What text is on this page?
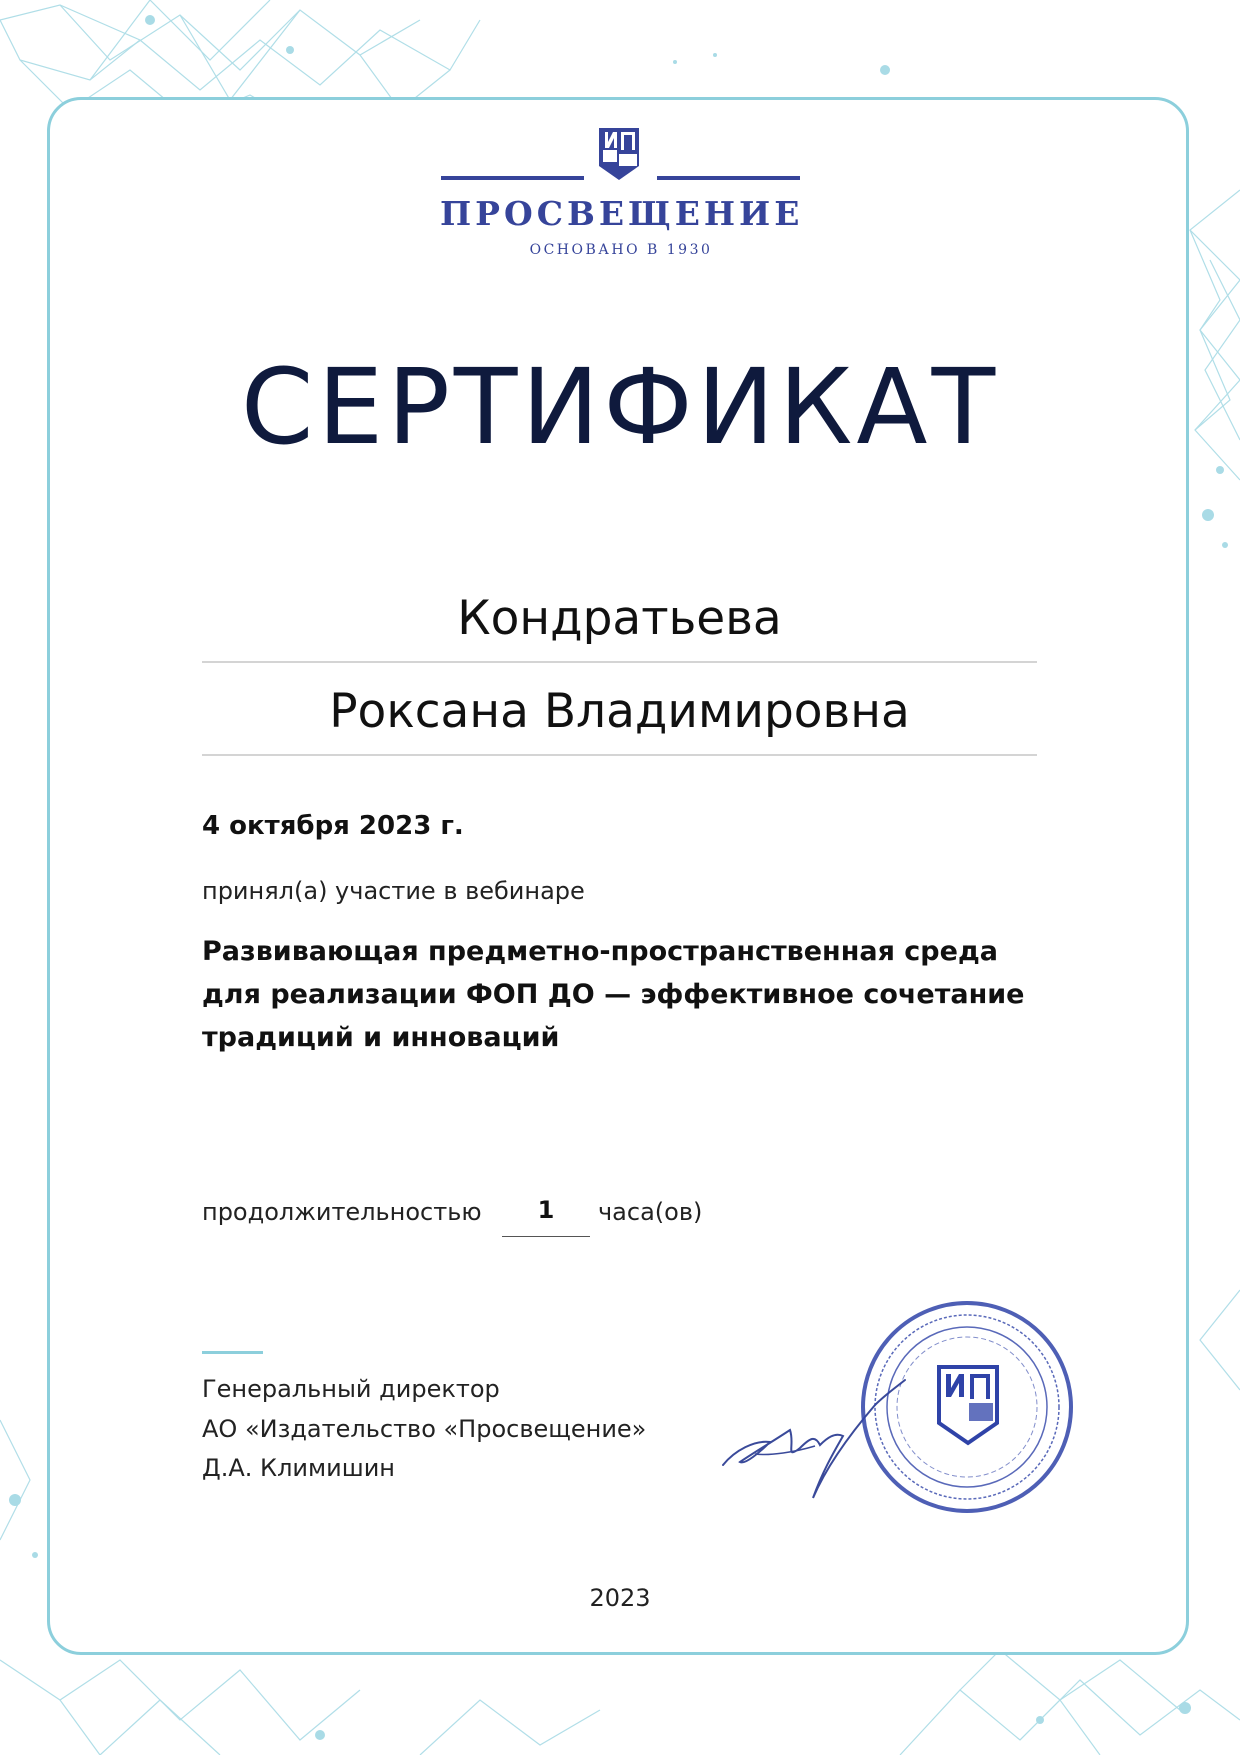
ПРОСВЕЩЕНИЕ
ОСНОВАНО В 1930
СЕРТИФИКАТ
Кондратьева
Роксана Владимировна
4 октября 2023 г.
принял(а) участие в вебинаре
Развивающая предметно-пространственная среда для реализации ФОП ДО — эффективное сочетание традиций и инноваций
продолжительностью	1	часа(ов)
Генеральный директор
АО «Издательство «Просвещение»
Д.А. Климишин
2023
